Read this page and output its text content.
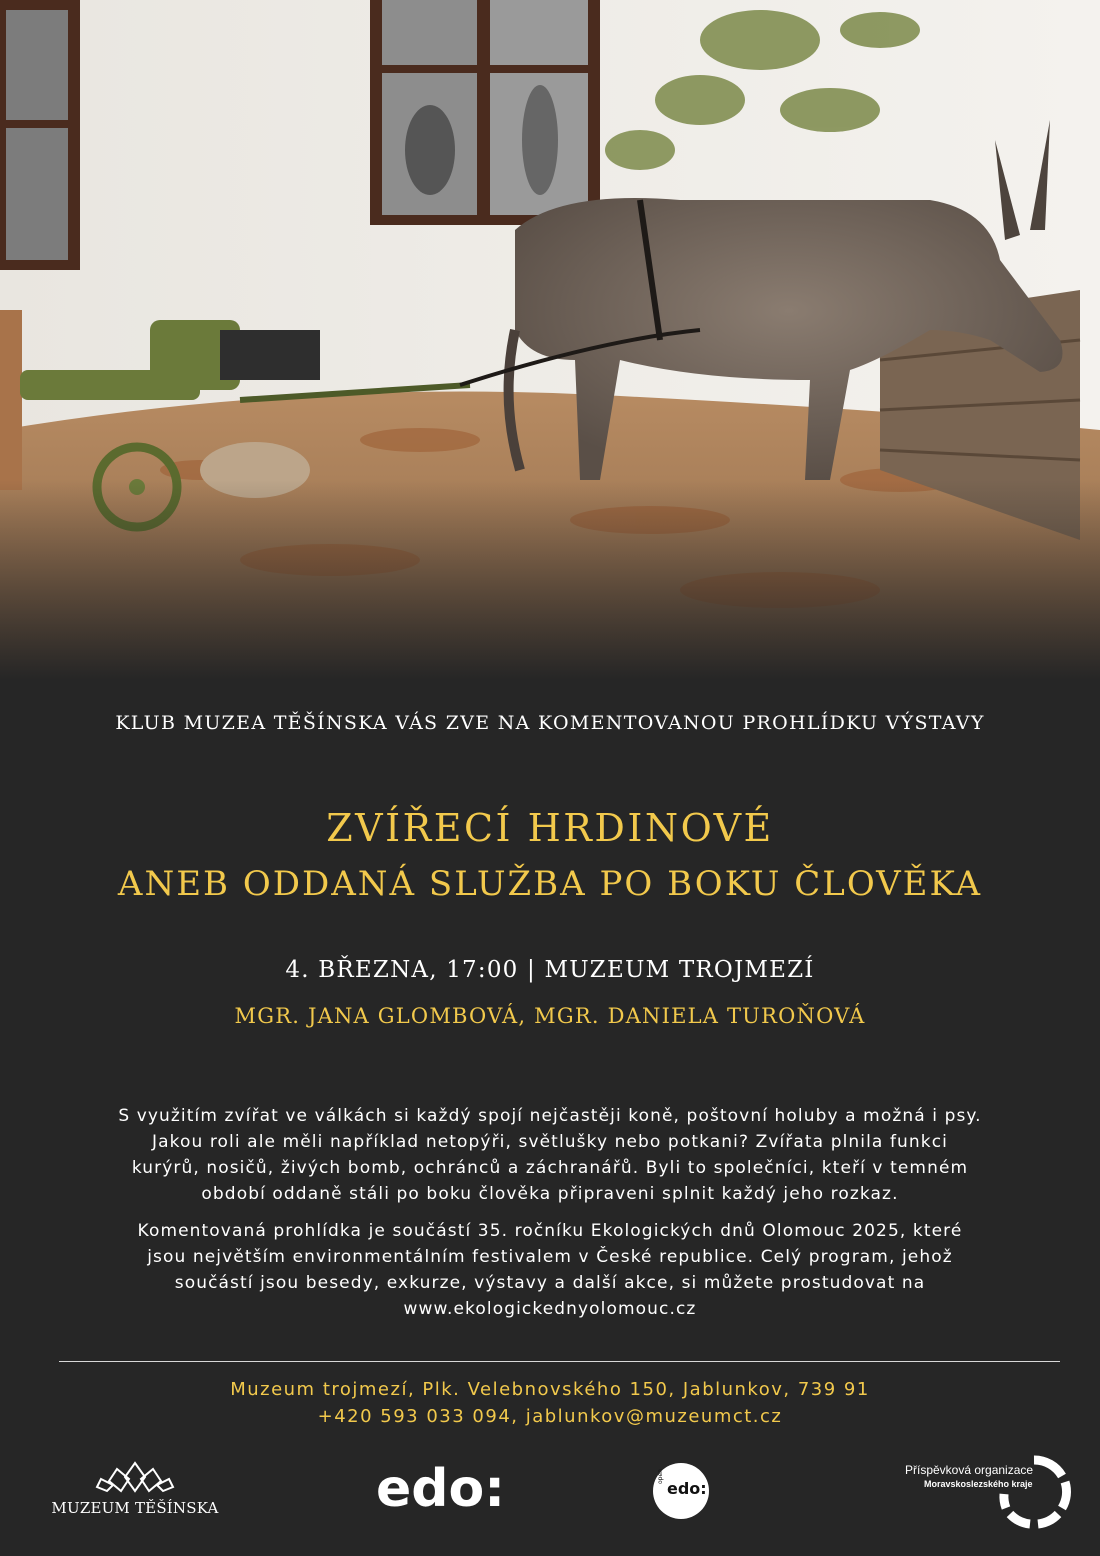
KLUB MUZEA TĚŠÍNSKA VÁS ZVE NA KOMENTOVANOU PROHLÍDKU VÝSTAVY
ZVÍŘECÍ HRDINOVÉ
ANEB ODDANÁ SLUŽBA PO BOKU ČLOVĚKA
4. BŘEZNA, 17:00 | MUZEUM TROJMEZÍ
MGR. JANA GLOMBOVÁ, MGR. DANIELA TUROŇOVÁ
S využitím zvířat ve válkách si každý spojí nejčastěji koně, poštovní holuby a možná i psy.
Jakou roli ale měli například netopýři, světlušky nebo potkani? Zvířata plnila funkci
kurýrů, nosičů, živých bomb, ochránců a záchranářů. Byli to společníci, kteří v temném
období oddaně stáli po boku člověka připraveni splnit každý jeho rozkaz.
Komentovaná prohlídka je součástí 35. ročníku Ekologických dnů Olomouc 2025, které
jsou největším environmentálním festivalem v České republice. Celý program, jehož
součástí jsou besedy, exkurze, výstavy a další akce, si můžete prostudovat na
www.ekologickednyolomouc.cz
Muzeum trojmezí, Plk. Velebnovského 150, Jablunkov, 739 91
+420 593 033 094, jablunkov@muzeumct.cz
MUZEUM TĚŠÍNSKA	edo:	open
edo:
Příspěvková organizace
Moravskoslezského kraje
